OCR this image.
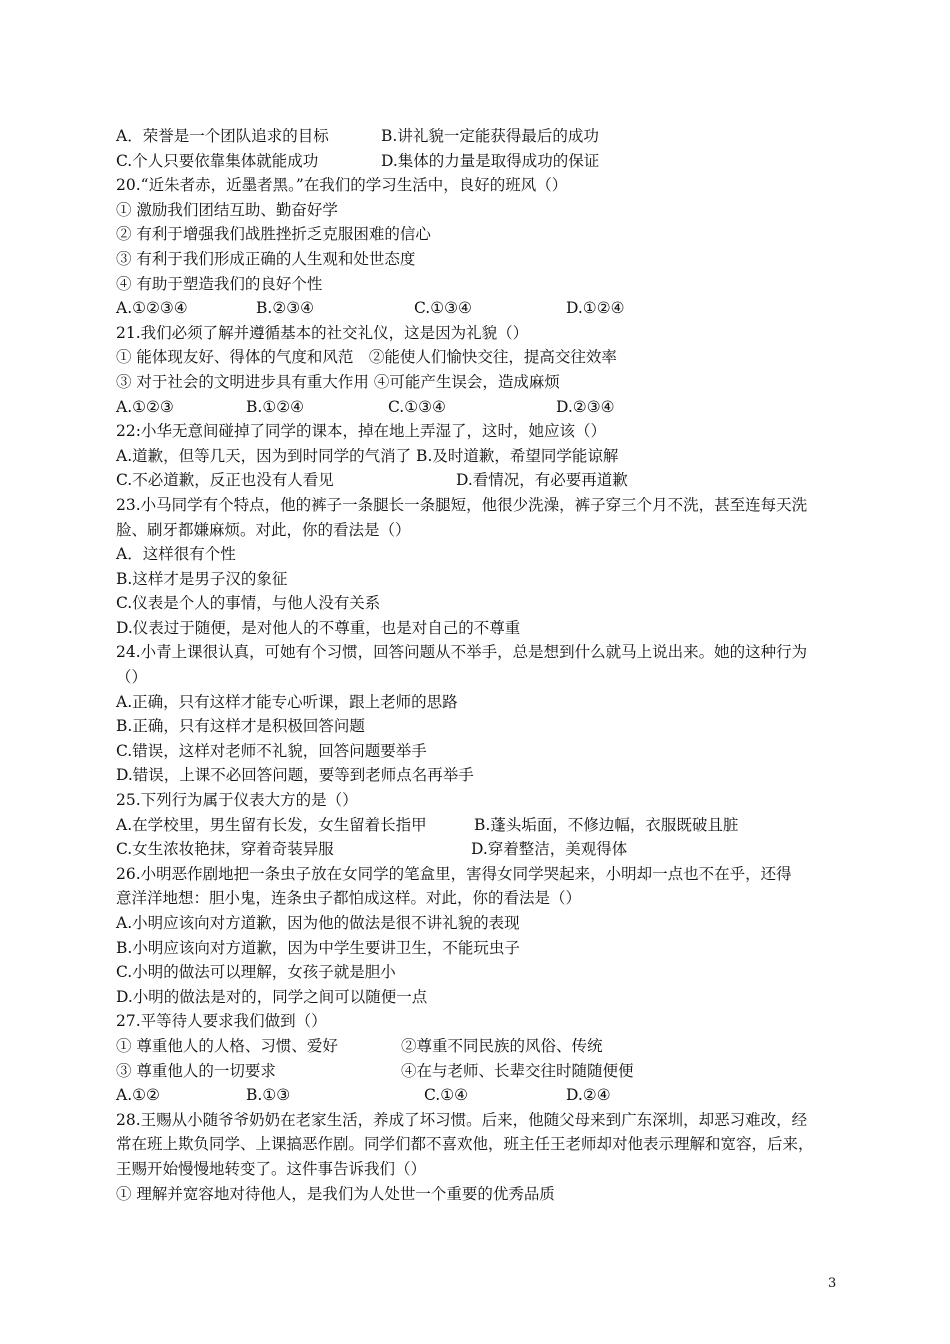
A．荣誉是一个团队追求的目标	B.讲礼貌一定能获得最后的成功
C.个人只要依靠集体就能成功	D.集体的力量是取得成功的保证
20.“近朱者赤，近墨者黑。”在我们的学习生活中，良好的班风（）
① 激励我们团结互助、勤奋好学
② 有利于增强我们战胜挫折乏克服困难的信心
③ 有利于我们形成正确的人生观和处世态度
④ 有助于塑造我们的良好个性
A.①②③④	B.②③④	C.①③④	D.①②④
21.我们必须了解并遵循基本的社交礼仪，这是因为礼貌（）
① 能体现友好、得体的气度和风范　②能使人们愉快交往，提高交往效率
③ 对于社会的文明进步具有重大作用 ④可能产生误会，造成麻烦
A.①②③	B.①②④	C.①③④	D.②③④
22:小华无意间碰掉了同学的课本，掉在地上弄湿了，这时，她应该（）
A.道歉，但等几天，因为到时同学的气消了 B.及时道歉，希望同学能谅解
C.不必道歉，反正也没有人看见	D.看情况，有必要再道歉
23.小马同学有个特点，他的裤子一条腿长一条腿短，他很少洗澡，裤子穿三个月不洗，甚至连每天洗
脸、刷牙都嫌麻烦。对此，你的看法是（）
A．这样很有个性
B.这样才是男子汉的象征
C.仪表是个人的事情，与他人没有关系
D.仪表过于随便，是对他人的不尊重，也是对自己的不尊重
24.小青上课很认真，可她有个习惯，回答问题从不举手，总是想到什么就马上说出来。她的这种行为
（）
A.正确，只有这样才能专心听课，跟上老师的思路
B.正确，只有这样才是积极回答问题
C.错误，这样对老师不礼貌，回答问题要举手
D.错误，上课不必回答问题，要等到老师点名再举手
25.下列行为属于仪表大方的是（）
A.在学校里，男生留有长发，女生留着长指甲	B.蓬头垢面，不修边幅，衣服既破且脏
C.女生浓妆艳抹，穿着奇装异服	D.穿着整洁，美观得体
26.小明恶作剧地把一条虫子放在女同学的笔盒里，害得女同学哭起来，小明却一点也不在乎，还得
意洋洋地想：胆小鬼，连条虫子都怕成这样。对此，你的看法是（）
A.小明应该向对方道歉，因为他的做法是很不讲礼貌的表现
B.小明应该向对方道歉，因为中学生要讲卫生，不能玩虫子
C.小明的做法可以理解，女孩子就是胆小
D.小明的做法是对的，同学之间可以随便一点
27.平等待人要求我们做到（）
① 尊重他人的人格、习惯、爱好	②尊重不同民族的风俗、传统
③ 尊重他人的一切要求	④在与老师、长辈交往时随随便便
A.①②	B.①③	C.①④	D.②④
28.王赐从小随爷爷奶奶在老家生活，养成了坏习惯。后来，他随父母来到广东深圳，却恶习难改，经
常在班上欺负同学、上课搞恶作剧。同学们都不喜欢他，班主任王老师却对他表示理解和宽容，后来，
王赐开始慢慢地转变了。这件事告诉我们（）
① 理解并宽容地对待他人，是我们为人处世一个重要的优秀品质
3
